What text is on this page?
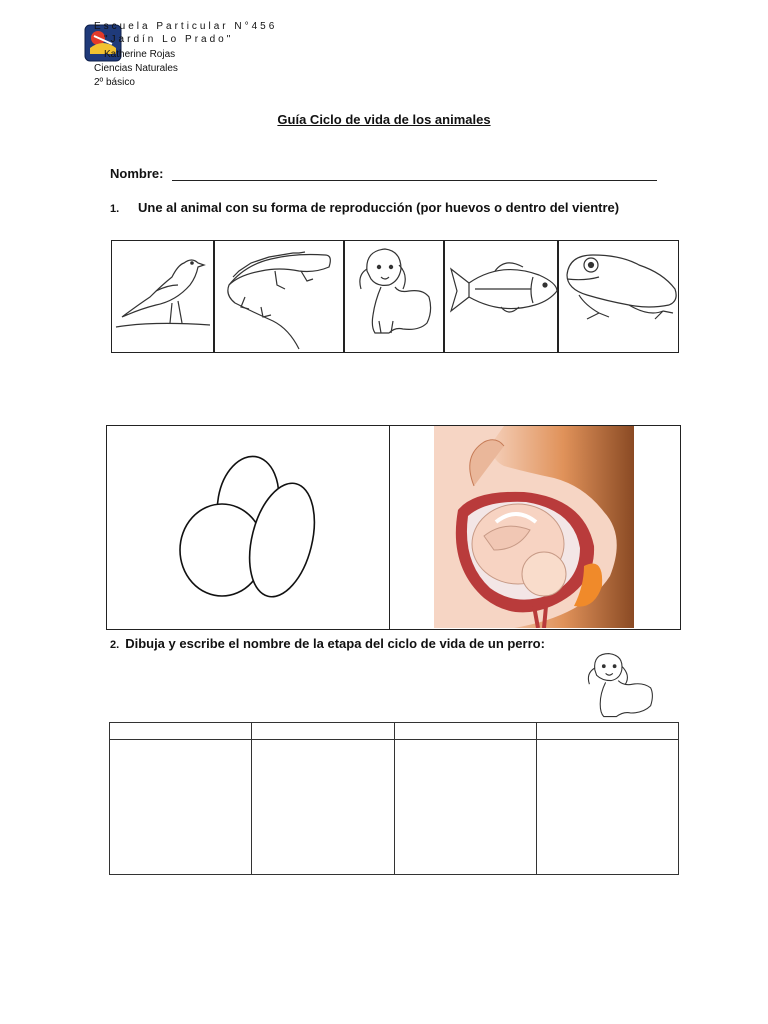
Escuela Particular N°456
"Jardín Lo Prado"
Katherine Rojas
Ciencias Naturales
2º básico
Guía Ciclo de vida de los animales
Nombre:
1. Une al animal con su forma de reproducción (por huevos o dentro del vientre)
2. Dibuja y escribe el nombre de la etapa del ciclo de vida de un perro:
